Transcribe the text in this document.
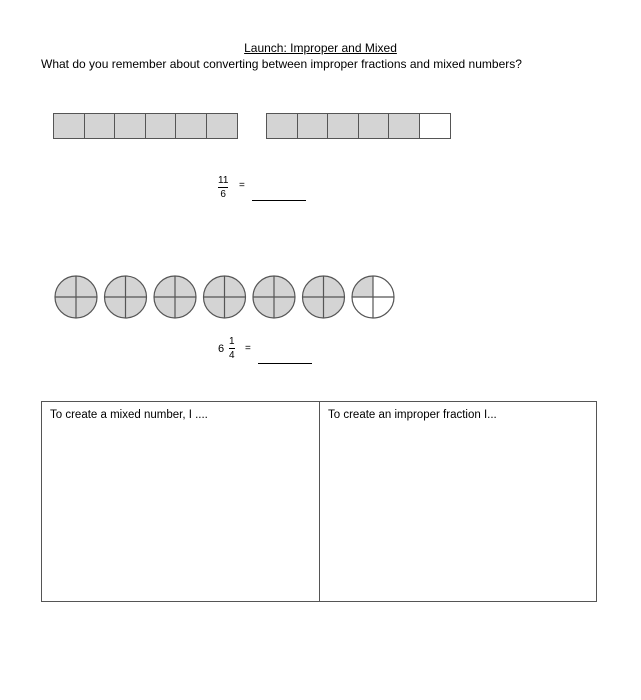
Launch: Improper and Mixed
What do you remember about converting between improper fractions and mixed numbers?
11
6
=
6
1
4
=
To create a mixed number, I ....	To create an improper fraction I...
